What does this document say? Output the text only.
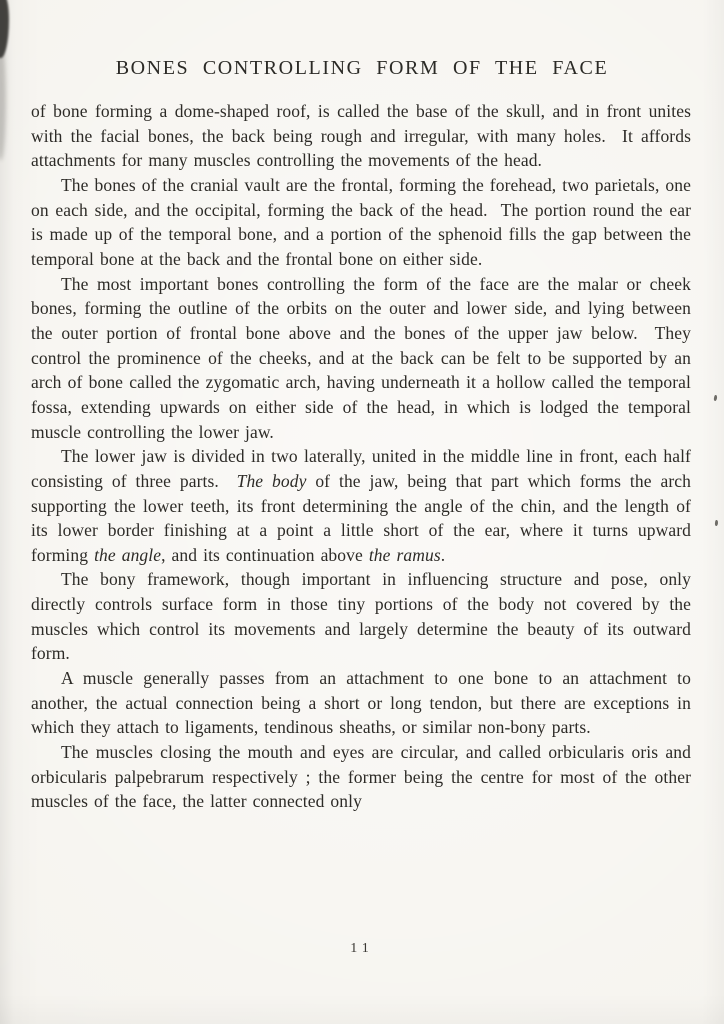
BONES CONTROLLING FORM OF THE FACE

of bone forming a dome-shaped roof, is called the base of the skull, and in front unites with the facial bones, the back being rough and irregular, with many holes.  It affords attachments for many muscles controlling the movements of the head.

The bones of the cranial vault are the frontal, forming the forehead, two parietals, one on each side, and the occipital, forming the back of the head.  The portion round the ear is made up of the temporal bone, and a portion of the sphenoid fills the gap between the temporal bone at the back and the frontal bone on either side.

The most important bones controlling the form of the face are the malar or cheek bones, forming the outline of the orbits on the outer and lower side, and lying between the outer portion of frontal bone above and the bones of the upper jaw below.  They control the prominence of the cheeks, and at the back can be felt to be supported by an arch of bone called the zygomatic arch, having underneath it a hollow called the temporal fossa, extending upwards on either side of the head, in which is lodged the temporal muscle controlling the lower jaw.

The lower jaw is divided in two laterally, united in the middle line in front, each half consisting of three parts.  The body of the jaw, being that part which forms the arch supporting the lower teeth, its front determining the angle of the chin, and the length of its lower border finishing at a point a little short of the ear, where it turns upward forming the angle, and its continuation above the ramus.

The bony framework, though important in influencing structure and pose, only directly controls surface form in those tiny portions of the body not covered by the muscles which control its movements and largely determine the beauty of its outward form.

A muscle generally passes from an attachment to one bone to an attachment to another, the actual connection being a short or long tendon, but there are exceptions in which they attach to ligaments, tendinous sheaths, or similar non-bony parts.

The muscles closing the mouth and eyes are circular, and called orbicularis oris and orbicularis palpebrarum respectively ; the former being the centre for most of the other muscles of the face, the latter connected only

11
